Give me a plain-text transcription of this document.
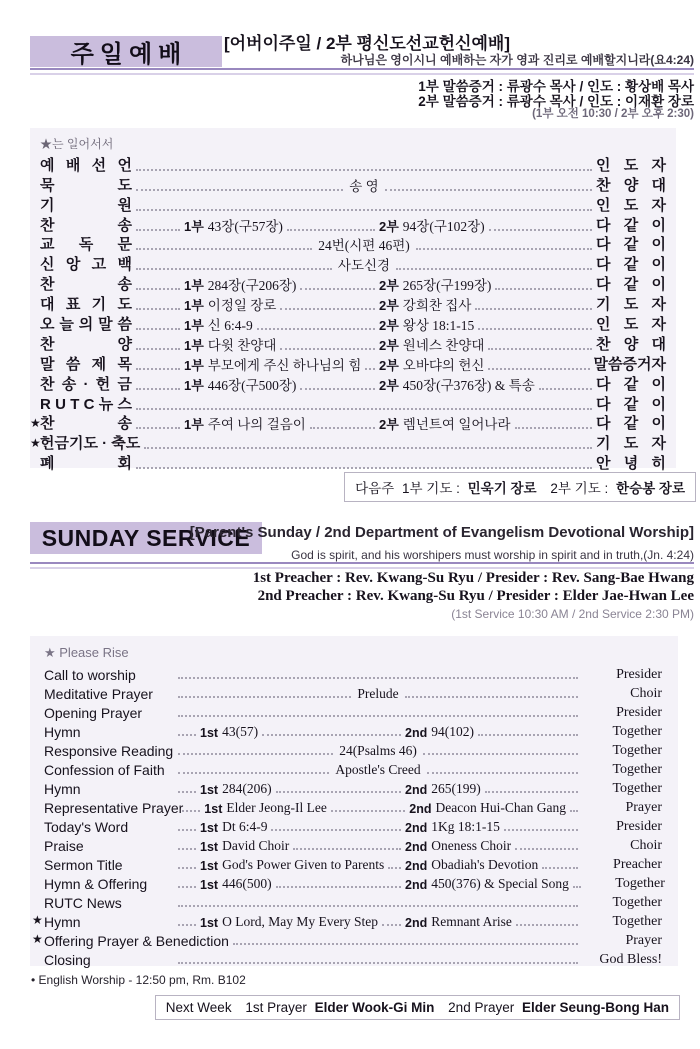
주일예배 [어버이주일 / 2부 평신도선교헌신예배]
하나님은 영이시니 예배하는 자가 영과 진리로 예배할지니라(요4:24)
1부 말씀증거 : 류광수 목사 / 인도 : 황상배 목사
2부 말씀증거 : 류광수 목사 / 인도 : 이재환 장로
(1부 오전 10:30 / 2부 오후 2:30)
★는 일어서서
예 배 선 언	인 도 자
묵 도	송 영	찬 양 대
기 원	인 도 자
찬 송	1부 43장(구57장)	2부 94장(구102장)	다 같 이
교 독 문	24번(시편 46편)	다 같 이
신 앙 고 백	사도신경	다 같 이
찬 송	1부 284장(구206장)	2부 265장(구199장)	다 같 이
대 표 기 도	1부 이정일 장로	2부 강희찬 집사	기 도 자
오 늘 의 말 씀	1부 신 6:4-9	2부 왕상 18:1-15	인 도 자
찬 양	1부 다윗 찬양대	2부 원네스 찬양대	찬 양 대
말 씀 제 목	1부 부모에게 주신 하나님의 힘 2부 오바댜의 헌신	말씀증거자
찬 송 · 헌 금	1부 446장(구500장)	2부 450장(구376장) & 특송	다 같 이
R U T C 뉴 스	다 같 이
★ 찬 송	1부 주여 나의 걸음이	2부 렘넌트여 일어나라	다 같 이
★ 헌금기도 · 축도	기 도 자
폐 회	안 녕 히
다음주 1부 기도 : 민욱기 장로 2부 기도 : 한승봉 장로
SUNDAY SERVICE
[Parent's Sunday / 2nd Department of Evangelism Devotional Worship]
God is spirit, and his worshipers must worship in spirit and in truth,(Jn. 4:24)
1st Preacher : Rev. Kwang-Su Ryu / Presider : Rev. Sang-Bae Hwang
2nd Preacher : Rev. Kwang-Su Ryu / Presider : Elder Jae-Hwan Lee
(1st Service 10:30 AM / 2nd Service 2:30 PM)
★ Please Rise
Call to worship	Presider
Meditative Prayer	Prelude	Choir
Opening Prayer	Presider
Hymn	1st 43(57)	2nd 94(102)	Together
Responsive Reading	24(Psalms 46)	Together
Confession of Faith	Apostle's Creed	Together
Hymn	1st 284(206)	2nd 265(199)	Together
Representative Prayer 1st Elder Jeong-Il Lee	2nd Deacon Hui-Chan Gang	Prayer
Today's Word	1st Dt 6:4-9	2nd 1Kg 18:1-15	Presider
Praise	1st David Choir	2nd Oneness Choir	Choir
Sermon Title	1st God's Power Given to Parents 2nd Obadiah's Devotion	Preacher
Hymn & Offering	1st 446(500)	2nd 450(376) & Special Song	Together
RUTC News	Together
★ Hymn	1st O Lord, May My Every Step 2nd Remnant Arise	Together
★ Offering Prayer & Benediction	Prayer
Closing	God Bless!
• English Worship - 12:50 pm, Rm. B102
Next Week 1st Prayer Elder Wook-Gi Min 2nd Prayer Elder Seung-Bong Han
